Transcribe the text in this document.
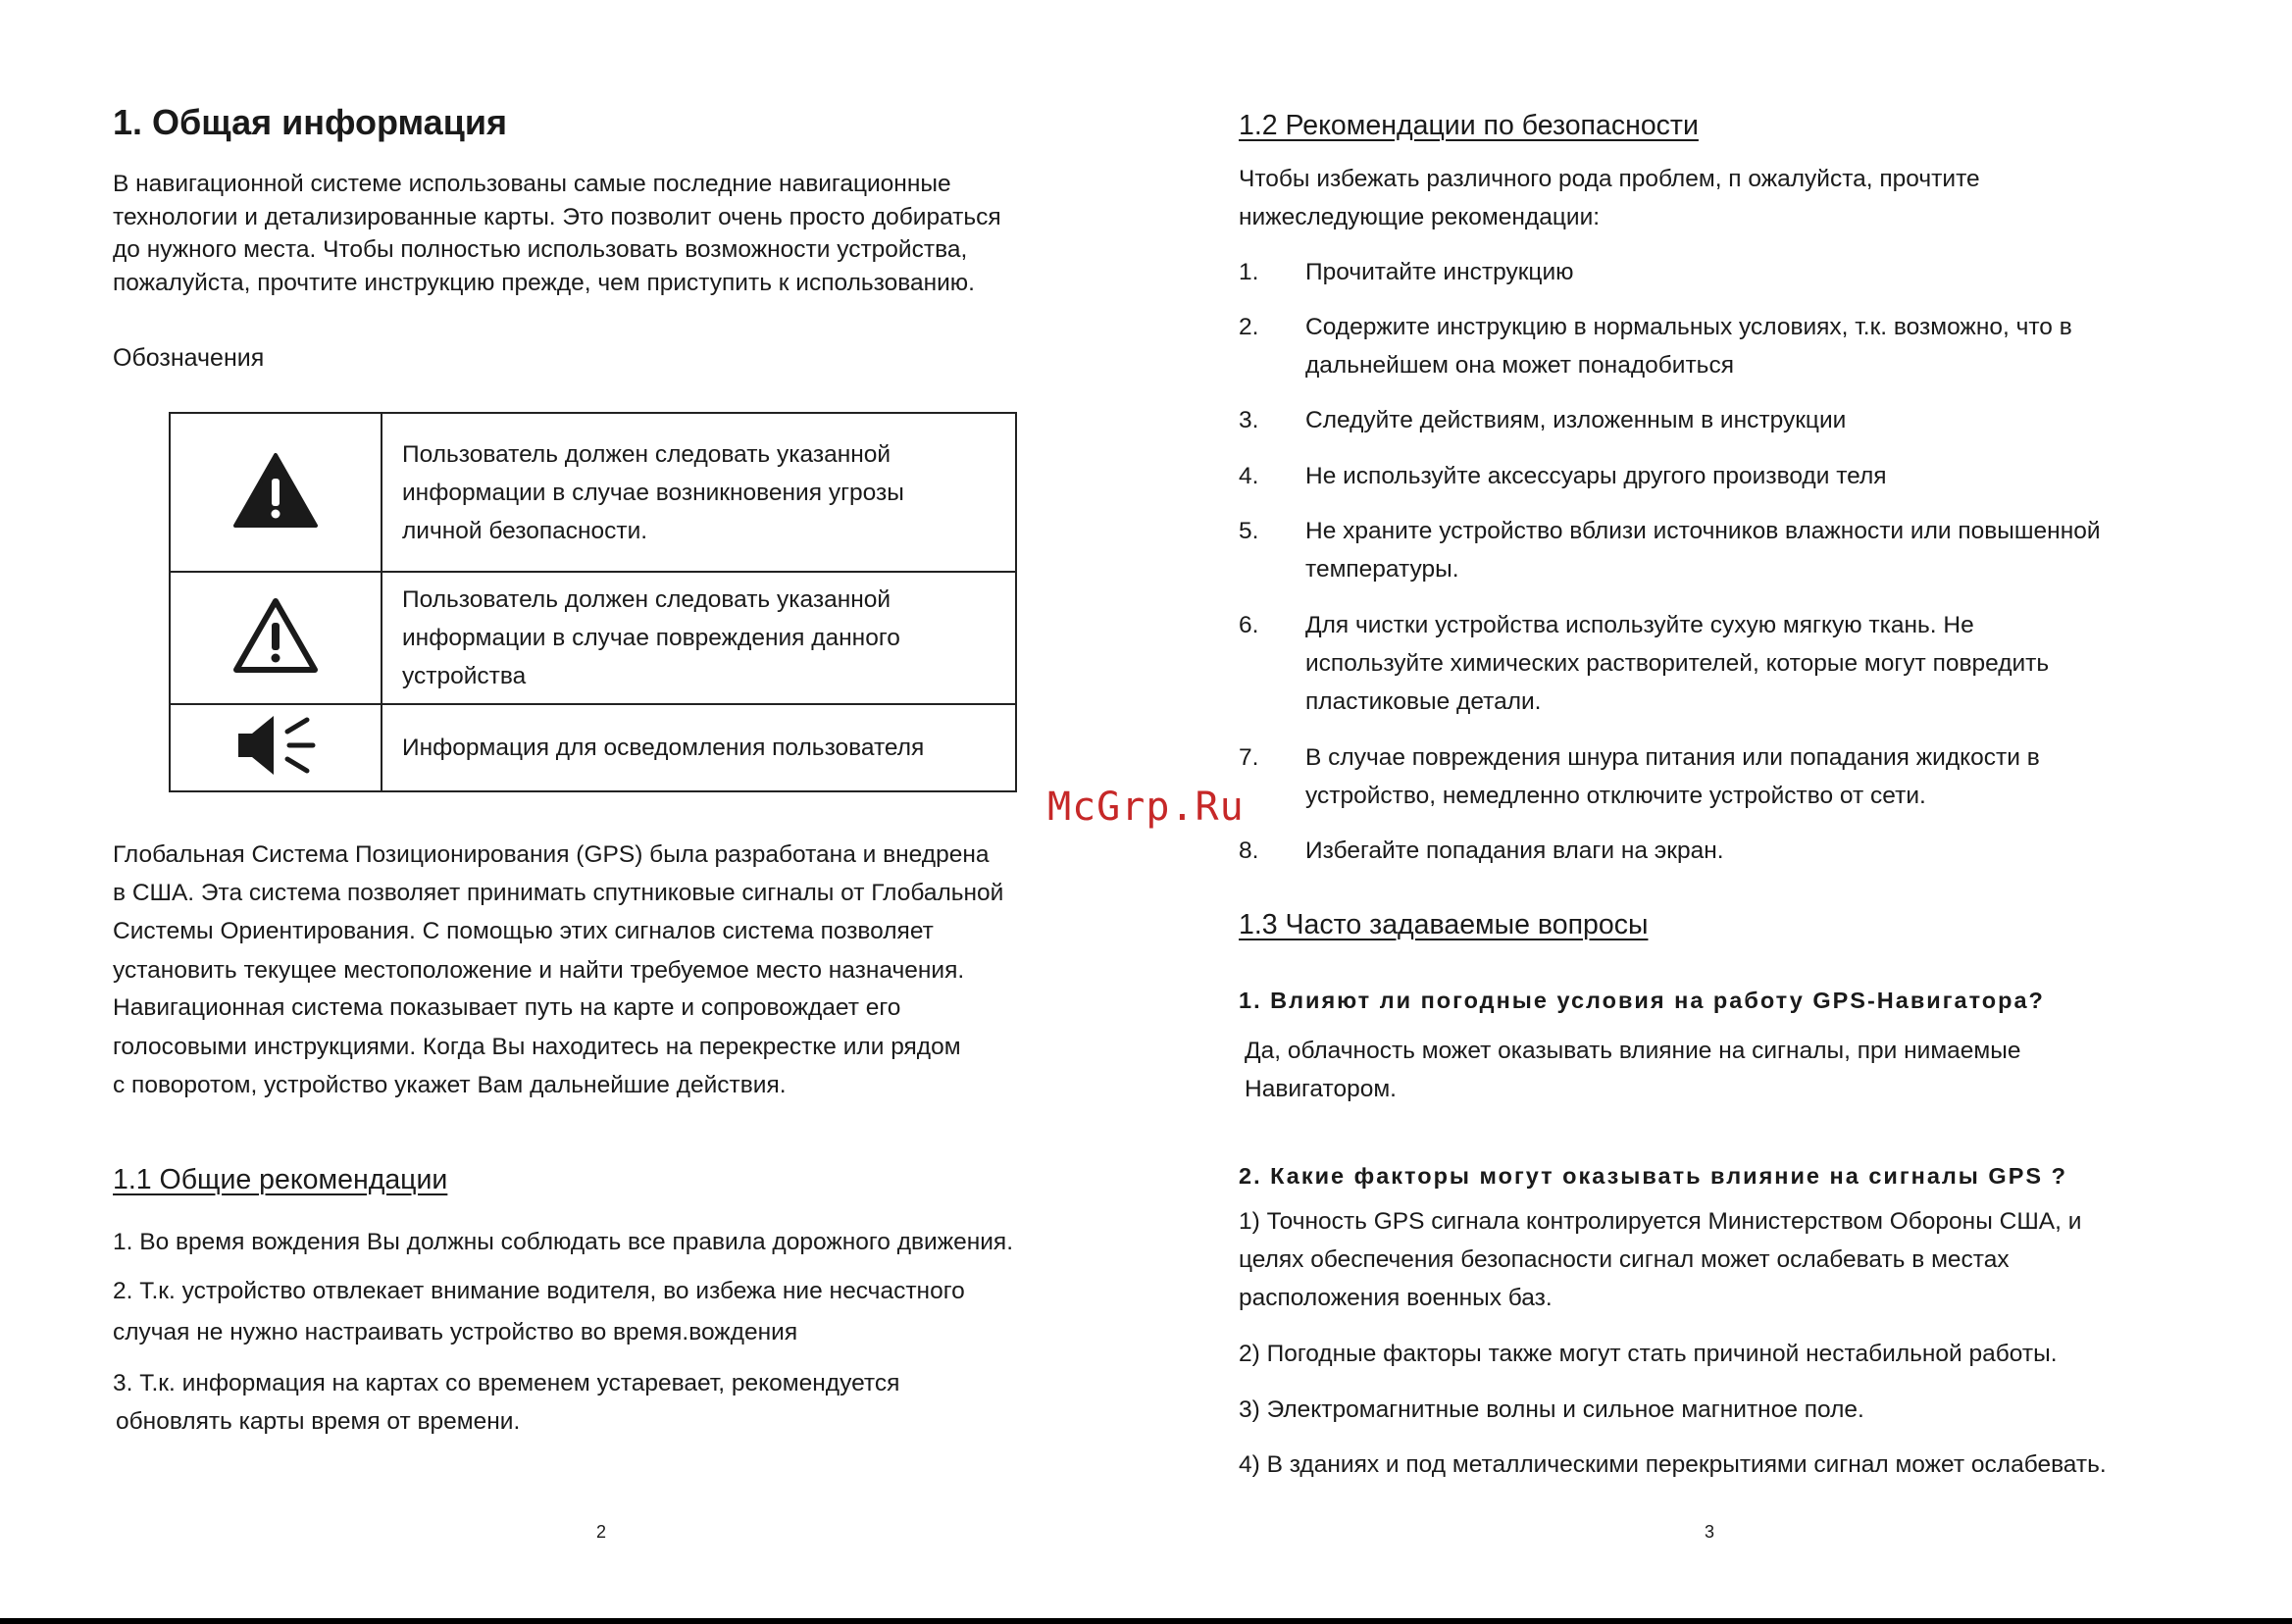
1. Общая информация

В навигационной системе использованы самые последние навигационные

технологии и детализированные карты. Это позволит очень просто добираться

до нужного места. Чтобы полностью использовать возможности устройства,

пожалуйста, прочтите инструкцию прежде, чем приступить к использованию.

Обозначения

Пользователь должен следовать указанной
информации в случае возникновения угрозы
личной безопасности.

Пользователь должен следовать указанной
информации в случае повреждения данного
устройства

Информация для осведомления пользователя

Глобальная Система Позиционирования (GPS) была разработана и внедрена

в США. Эта система позволяет принимать спутниковые сигналы от Глобальной

Системы Ориентирования. С помощью этих сигналов система позволяет

установить текущее местоположение и найти требуемое место назначения.

Навигационная система показывает путь на карте и сопровождает его

голосовыми инструкциями. Когда Вы находитесь на перекрестке или рядом

с поворотом, устройство укажет Вам дальнейшие действия.

1.1 Общие рекомендации

1. Во время вождения Вы должны соблюдать все правила дорожного движения.

2. Т.к. устройство отвлекает внимание водителя, во избежа ние несчастного

случая не нужно настраивать устройство во время.вождения

3. Т.к. информация на картах со временем устаревает, рекомендуется

обновлять карты время от времени.

2
1.2 Рекомендации по безопасности

Чтобы избежать различного рода проблем, п ожалуйста, прочтите

нижеследующие рекомендации:

1. Прочитайте инструкцию
2. Содержите инструкцию в нормальных условиях, т.к. возможно, что в
дальнейшем она может понадобиться
3. Следуйте действиям, изложенным в инструкции
4. Не используйте аксессуары другого производи теля
5. Не храните устройство вблизи источников влажности или повышенной
температуры.
6. Для чистки устройства используйте сухую мягкую ткань. Не
используйте химических растворителей, которые могут повредить
пластиковые детали.
7. В случае повреждения шнура питания или попадания жидкости в
устройство, немедленно отключите устройство от сети.
8. Избегайте попадания влаги на экран.
1.3 Часто задаваемые вопросы

1. Влияют ли погодные условия на работу GPS-Навигатора?

Да, облачность может оказывать влияние на сигналы, при нимаемые

Навигатором.

2. Какие факторы могут оказывать влияние на сигналы GPS ?

1) Точность GPS сигнала контролируется Министерством Обороны США, и

целях обеспечения безопасности сигнал может ослабевать в местах

расположения военных баз.

2) Погодные факторы также могут стать причиной нестабильной работы.

3) Электромагнитные волны и сильное магнитное поле.

4) В зданиях и под металлическими перекрытиями сигнал может ослабевать.

3
McGrp.Ru
